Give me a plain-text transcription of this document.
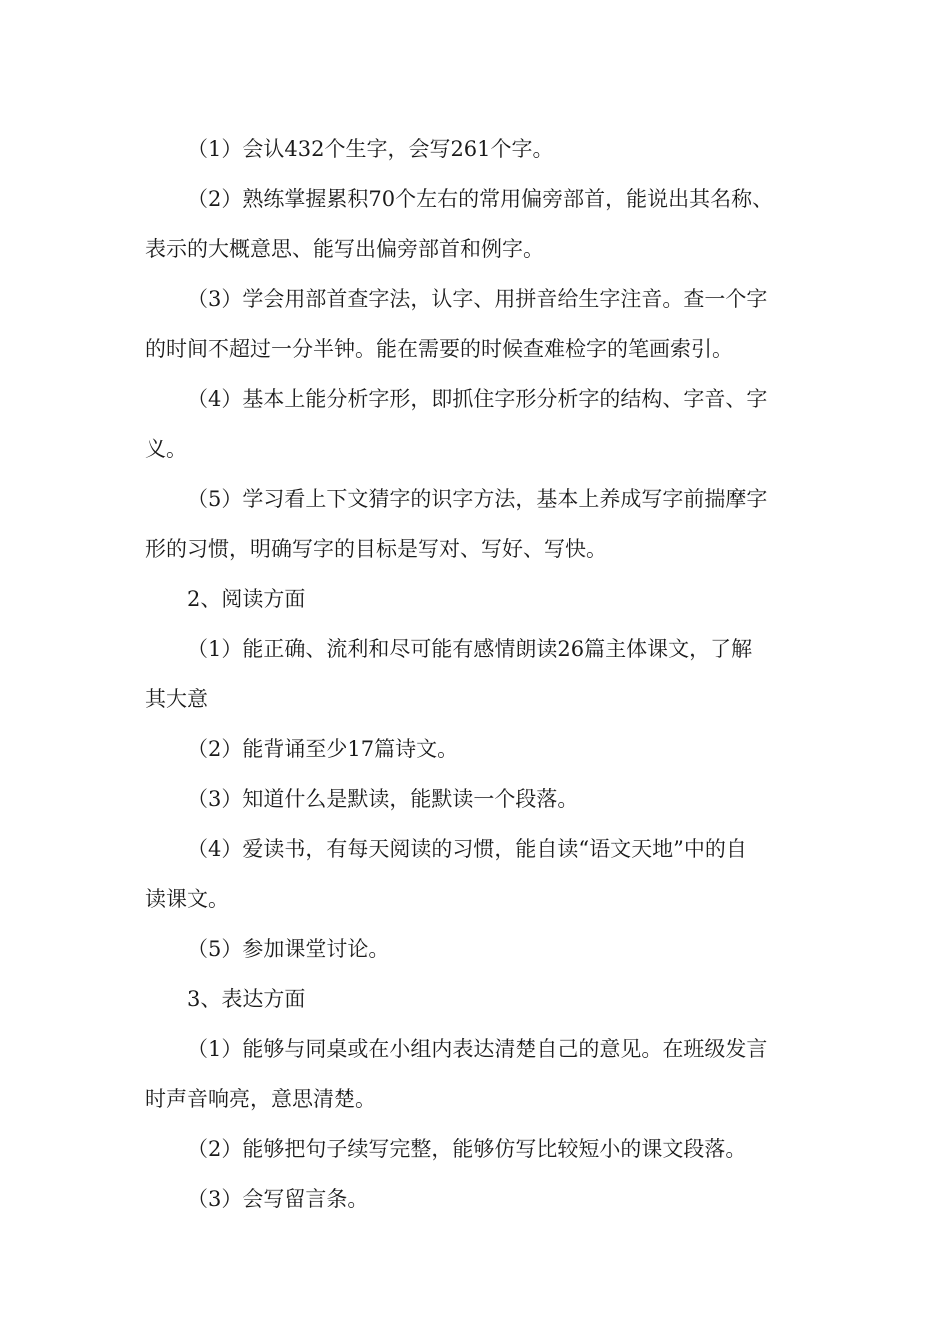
（1）会认432个生字，会写261个字。
（2）熟练掌握累积70个左右的常用偏旁部首，能说出其名称、
表示的大概意思、能写出偏旁部首和例字。
（3）学会用部首查字法，认字、用拼音给生字注音。查一个字
的时间不超过一分半钟。能在需要的时候查难检字的笔画索引。
（4）基本上能分析字形，即抓住字形分析字的结构、字音、字
义。
（5）学习看上下文猜字的识字方法，基本上养成写字前揣摩字
形的习惯，明确写字的目标是写对、写好、写快。
2、阅读方面
（1）能正确、流利和尽可能有感情朗读26篇主体课文，了解
其大意
（2）能背诵至少17篇诗文。
（3）知道什么是默读，能默读一个段落。
（4）爱读书，有每天阅读的习惯，能自读“语文天地”中的自
读课文。
（5）参加课堂讨论。
3、表达方面
（1）能够与同桌或在小组内表达清楚自己的意见。在班级发言
时声音响亮，意思清楚。
（2）能够把句子续写完整，能够仿写比较短小的课文段落。
（3）会写留言条。
